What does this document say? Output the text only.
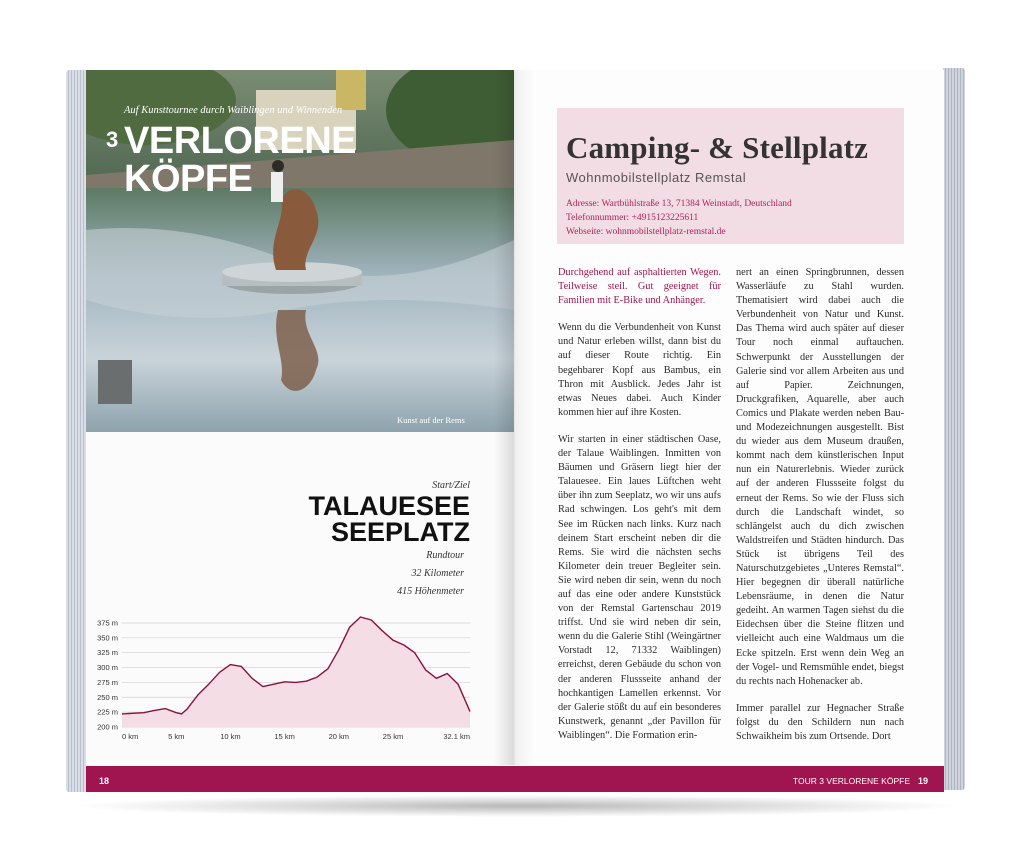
Auf Kunsttournee durch Waiblingen und Winnenden
3 VERLORENE
KÖPFE
Kunst auf der Rems
Start/Ziel
TALAUESEE
SEEPLATZ
Rundtour
32 Kilometer
415 Höhenmeter
200 m
225 m
250 m
275 m
300 m
325 m
350 m
375 m
0 km	5 km	10 km	15 km	20 km	25 km	32.1 km
Camping- & Stellplatz
Wohnmobilstellplatz Remstal
Adresse: Wartbühlstraße 13, 71384 Weinstadt, Deutschland
Telefonnummer: +4915123225611
Webseite: wohnmobilstellplatz-remstal.de

Durchgehend auf asphaltierten Wegen. Teilweise steil. Gut geeignet für Familien mit E-Bike und Anhänger.

Wenn du die Verbundenheit von Kunst und Natur erleben willst, dann bist du auf dieser Route richtig. Ein begehbarer Kopf aus Bambus, ein Thron mit Ausblick. Jedes Jahr ist etwas Neues dabei. Auch Kinder kommen hier auf ihre Kosten.

Wir starten in einer städtischen Oase, der Talaue Waiblingen. Inmitten von Bäumen und Gräsern liegt hier der Talauesee. Ein laues Lüftchen weht über ihn zum Seeplatz, wo wir uns aufs Rad schwingen. Los geht's mit dem See im Rücken nach links. Kurz nach deinem Start erscheint neben dir die Rems. Sie wird die nächsten sechs Kilometer dein treuer Begleiter sein. Sie wird neben dir sein, wenn du noch auf das eine oder andere Kunststück von der Remstal Gartenschau 2019 triffst. Und sie wird neben dir sein, wenn du die Galerie Stihl (Weingärtner Vorstadt 12, 71332 Waiblingen) erreichst, deren Gebäude du schon von der anderen Flussseite anhand der hochkantigen Lamellen erkennst. Vor der Galerie stößt du auf ein besonderes Kunstwerk, genannt „der Pavillon für Waiblingen“. Die Formation erin-

nert an einen Springbrunnen, dessen Wasserläufe zu Stahl wurden. Thematisiert wird dabei auch die Verbundenheit von Natur und Kunst. Das Thema wird auch später auf dieser Tour noch einmal auftauchen. Schwerpunkt der Ausstellungen der Galerie sind vor allem Arbeiten aus und auf Papier. Zeichnungen, Druckgrafiken, Aquarelle, aber auch Comics und Plakate werden neben Bau- und Modezeichnungen ausgestellt. Bist du wieder aus dem Museum draußen, kommt nach dem künstlerischen Input nun ein Naturerlebnis. Wieder zurück auf der anderen Flussseite folgst du erneut der Rems. So wie der Fluss sich durch die Landschaft windet, so schlängelst auch du dich zwischen Waldstreifen und Städten hindurch. Das Stück ist übrigens Teil des Naturschutzgebietes „Unteres Remstal“. Hier begegnen dir überall natürliche Lebensräume, in denen die Natur gedeiht. An warmen Tagen siehst du die Eidechsen über die Steine flitzen und vielleicht auch eine Waldmaus um die Ecke spitzeln. Erst wenn dein Weg an der Vogel- und Remsmühle endet, biegst du rechts nach Hohenacker ab.

Immer parallel zur Hegnacher Straße folgst du den Schildern nun nach Schwaikheim bis zum Ortsende. Dort

18	TOUR 3 VERLORENE KÖPFE 19
